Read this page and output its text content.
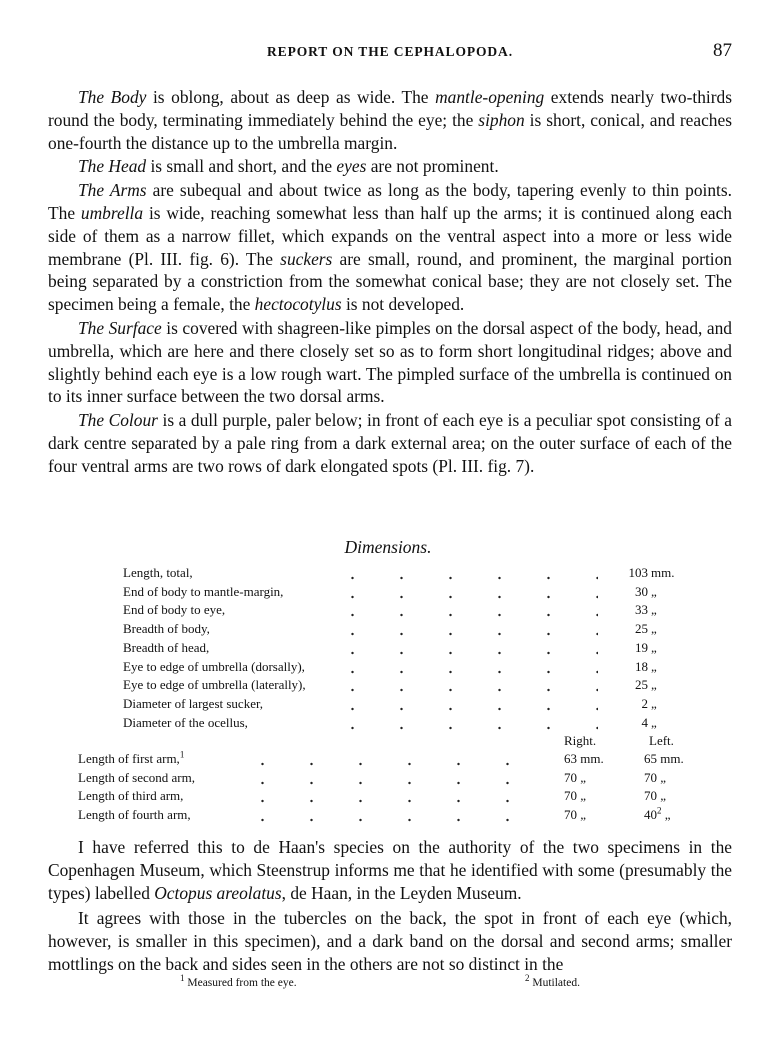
REPORT ON THE CEPHALOPODA.	87

The Body is oblong, about as deep as wide. The mantle-opening extends nearly two-thirds round the body, terminating immediately behind the eye; the siphon is short, conical, and reaches one-fourth the distance up to the umbrella margin.

The Head is small and short, and the eyes are not prominent.

The Arms are subequal and about twice as long as the body, tapering evenly to thin points. The umbrella is wide, reaching somewhat less than half up the arms; it is continued along each side of them as a narrow fillet, which expands on the ventral aspect into a more or less wide membrane (Pl. III. fig. 6). The suckers are small, round, and prominent, the marginal portion being separated by a constriction from the somewhat conical base; they are not closely set. The specimen being a female, the hectocotylus is not developed.

The Surface is covered with shagreen-like pimples on the dorsal aspect of the body, head, and umbrella, which are here and there closely set so as to form short longitudinal ridges; above and slightly behind each eye is a low rough wart. The pimpled surface of the umbrella is continued on to its inner surface between the two dorsal arms.

The Colour is a dull purple, paler below; in front of each eye is a peculiar spot consisting of a dark centre separated by a pale ring from a dark external area; on the outer surface of each of the four ventral arms are two rows of dark elongated spots (Pl. III. fig. 7).

Dimensions.
Length, total,	103 mm.
End of body to mantle-margin,	30 „
End of body to eye,	33 „
Breadth of body,	25 „
Breadth of head,	19 „
Eye to edge of umbrella (dorsally),	18 „
Eye to edge of umbrella (laterally),	25 „
Diameter of largest sucker,	2 „
Diameter of the ocellus,	4 „
Right.	Left.
Length of first arm,$^1$	63 mm.	65 mm.
Length of second arm,	70 „	70 „
Length of third arm,	70 „	70 „
Length of fourth arm,	70 „	$40^2$ „

I have referred this to de Haan's species on the authority of the two specimens in the Copenhagen Museum, which Steenstrup informs me that he identified with some (presumably the types) labelled Octopus areolatus, de Haan, in the Leyden Museum.

It agrees with those in the tubercles on the back, the spot in front of each eye (which, however, is smaller in this specimen), and a dark band on the dorsal and second arms; smaller mottlings on the back and sides seen in the others are not so distinct in the

$^1$ Measured from the eye.	$^2$ Mutilated.
